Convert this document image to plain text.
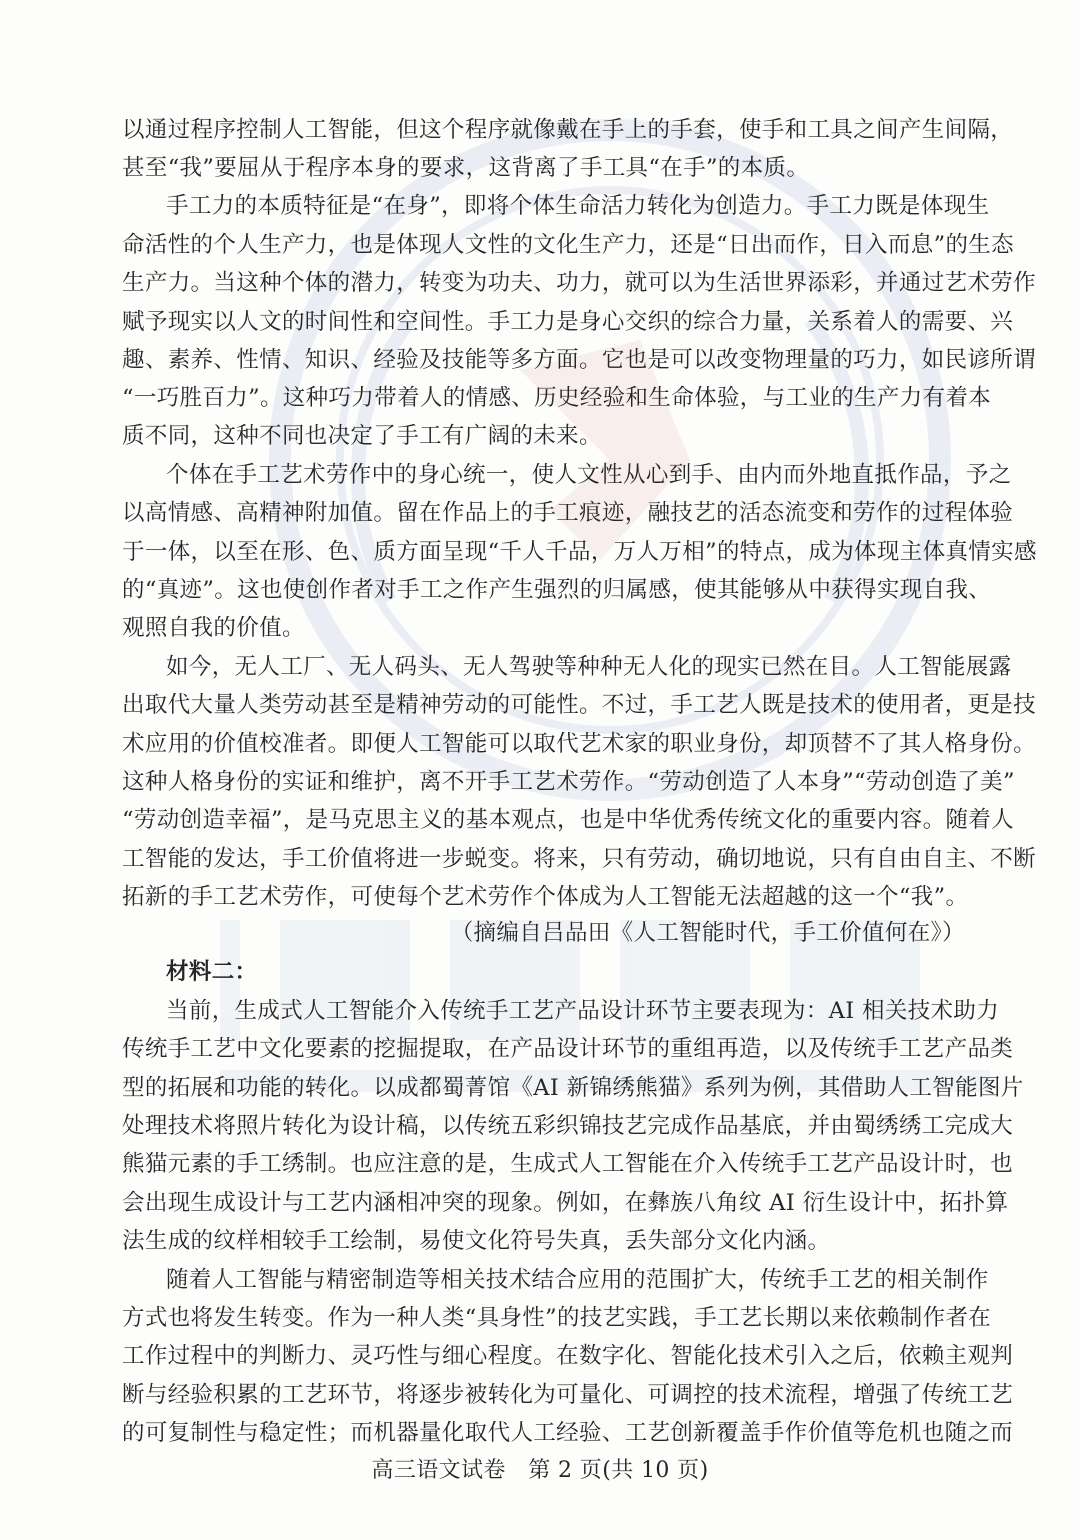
以通过程序控制人工智能，但这个程序就像戴在手上的手套，使手和工具之间产生间隔，
甚至“我”要屈从于程序本身的要求，这背离了手工具“在手”的本质。
手工力的本质特征是“在身”，即将个体生命活力转化为创造力。手工力既是体现生
命活性的个人生产力，也是体现人文性的文化生产力，还是“日出而作，日入而息”的生态
生产力。当这种个体的潜力，转变为功夫、功力，就可以为生活世界添彩，并通过艺术劳作
赋予现实以人文的时间性和空间性。手工力是身心交织的综合力量，关系着人的需要、兴
趣、素养、性情、知识、经验及技能等多方面。它也是可以改变物理量的巧力，如民谚所谓
“一巧胜百力”。这种巧力带着人的情感、历史经验和生命体验，与工业的生产力有着本
质不同，这种不同也决定了手工有广阔的未来。
个体在手工艺术劳作中的身心统一，使人文性从心到手、由内而外地直抵作品，予之
以高情感、高精神附加值。留在作品上的手工痕迹，融技艺的活态流变和劳作的过程体验
于一体，以至在形、色、质方面呈现“千人千品，万人万相”的特点，成为体现主体真情实感
的“真迹”。这也使创作者对手工之作产生强烈的归属感，使其能够从中获得实现自我、
观照自我的价值。
如今，无人工厂、无人码头、无人驾驶等种种无人化的现实已然在目。人工智能展露
出取代大量人类劳动甚至是精神劳动的可能性。不过，手工艺人既是技术的使用者，更是技
术应用的价值校准者。即便人工智能可以取代艺术家的职业身份，却顶替不了其人格身份。
这种人格身份的实证和维护，离不开手工艺术劳作。“劳动创造了人本身”“劳动创造了美”
“劳动创造幸福”，是马克思主义的基本观点，也是中华优秀传统文化的重要内容。随着人
工智能的发达，手工价值将进一步蜕变。将来，只有劳动，确切地说，只有自由自主、不断
拓新的手工艺术劳作，可使每个艺术劳作个体成为人工智能无法超越的这一个“我”。
（摘编自吕品田《人工智能时代，手工价值何在》）
材料二：
当前，生成式人工智能介入传统手工艺产品设计环节主要表现为：AI 相关技术助力
传统手工艺中文化要素的挖掘提取，在产品设计环节的重组再造，以及传统手工艺产品类
型的拓展和功能的转化。以成都蜀菁馆《AI 新锦绣熊猫》系列为例，其借助人工智能图片
处理技术将照片转化为设计稿，以传统五彩织锦技艺完成作品基底，并由蜀绣绣工完成大
熊猫元素的手工绣制。也应注意的是，生成式人工智能在介入传统手工艺产品设计时，也
会出现生成设计与工艺内涵相冲突的现象。例如，在彝族八角纹 AI 衍生设计中，拓扑算
法生成的纹样相较手工绘制，易使文化符号失真，丢失部分文化内涵。
随着人工智能与精密制造等相关技术结合应用的范围扩大，传统手工艺的相关制作
方式也将发生转变。作为一种人类“具身性”的技艺实践，手工艺长期以来依赖制作者在
工作过程中的判断力、灵巧性与细心程度。在数字化、智能化技术引入之后，依赖主观判
断与经验积累的工艺环节，将逐步被转化为可量化、可调控的技术流程，增强了传统工艺
的可复制性与稳定性；而机器量化取代人工经验、工艺创新覆盖手作价值等危机也随之而
高三语文试卷　第 2 页(共 10 页)
